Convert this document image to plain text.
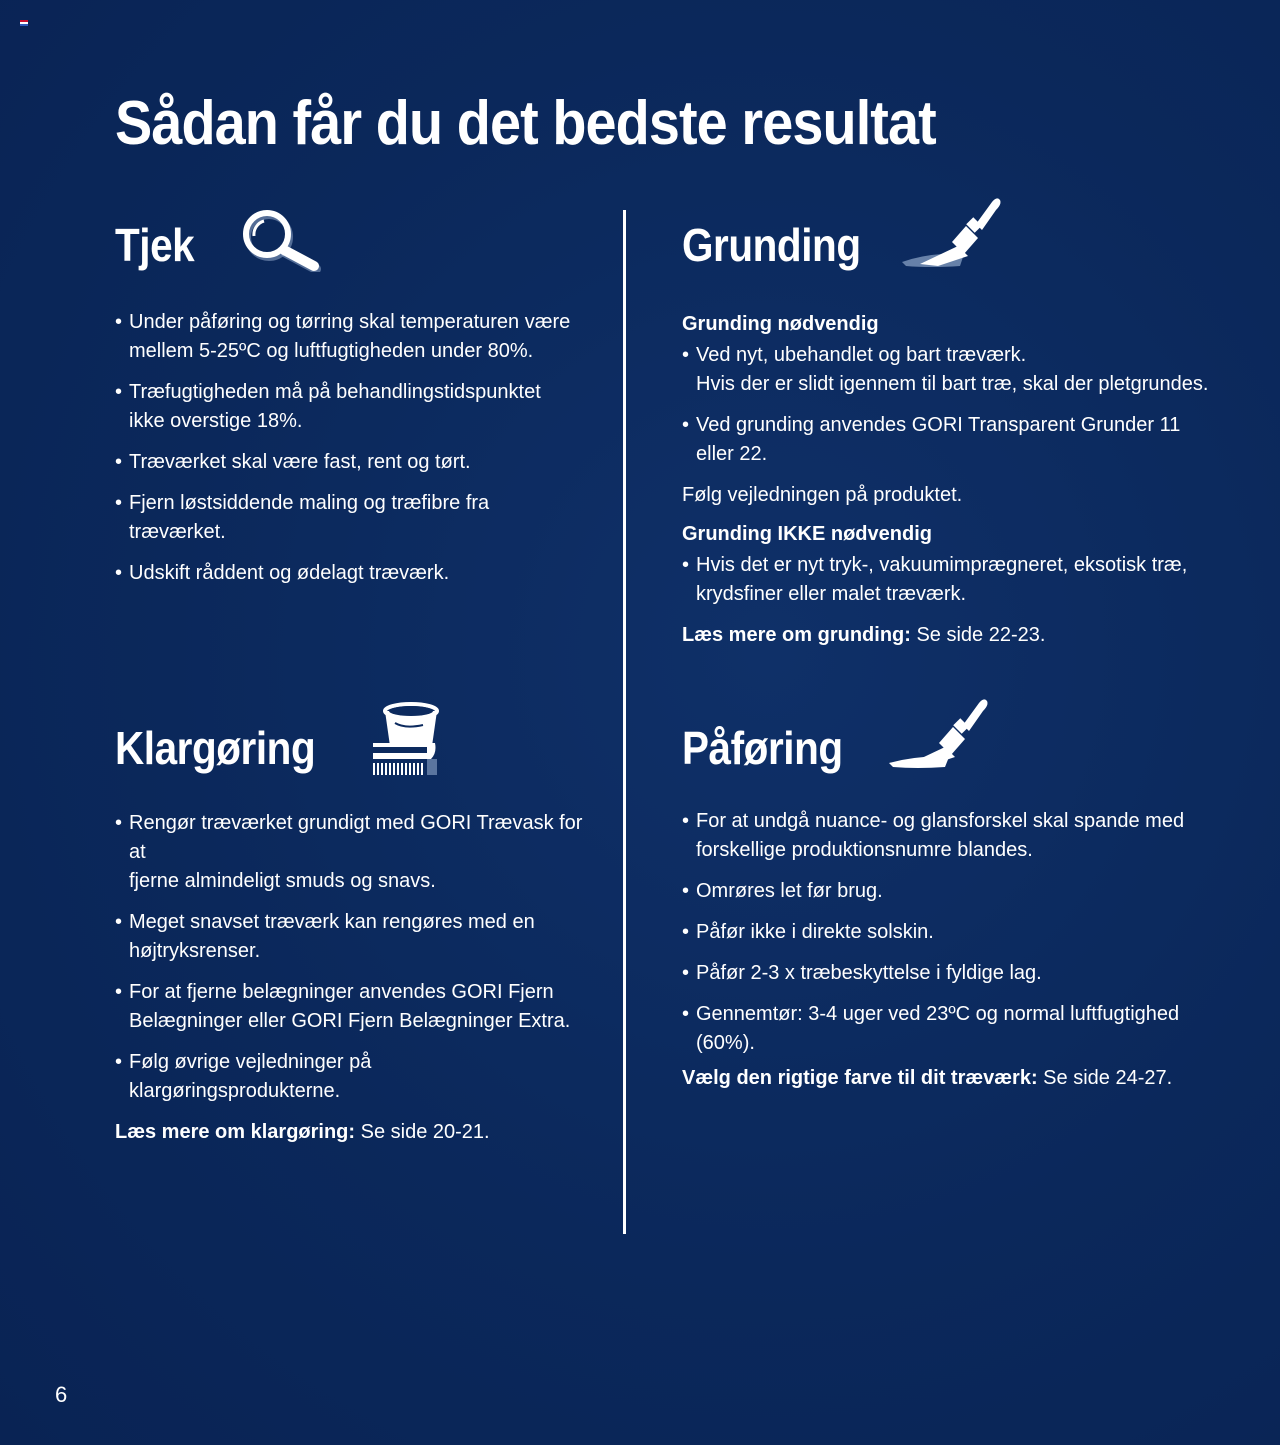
Sådan får du det bedste resultat
Tjek
• Under påføring og tørring skal temperaturen være
mellem 5-25ºC og luftfugtigheden under 80%.
• Træfugtigheden må på behandlingstidspunktet
ikke overstige 18%.
• Træværket skal være fast, rent og tørt.
• Fjern løstsiddende maling og træfibre fra træværket.
• Udskift råddent og ødelagt træværk.
Grunding
Grunding nødvendig
• Ved nyt, ubehandlet og bart træværk.
Hvis der er slidt igennem til bart træ, skal der pletgrundes.
• Ved grunding anvendes GORI Transparent Grunder 11 eller 22.
Følg vejledningen på produktet.
Grunding IKKE nødvendig
• Hvis det er nyt tryk-, vakuumimprægneret, eksotisk træ,
krydsfiner eller malet træværk.
Læs mere om grunding: Se side 22-23.
Klargøring
• Rengør træværket grundigt med GORI Trævask for at
fjerne almindeligt smuds og snavs.
• Meget snavset træværk kan rengøres med en
højtryksrenser.
• For at fjerne belægninger anvendes GORI Fjern
Belægninger eller GORI Fjern Belægninger Extra.
• Følg øvrige vejledninger på klargøringsprodukterne.
Læs mere om klargøring: Se side 20-21.
Påføring
• For at undgå nuance- og glansforskel skal spande med
forskellige produktionsnumre blandes.
• Omrøres let før brug.
• Påfør ikke i direkte solskin.
• Påfør 2-3 x træbeskyttelse i fyldige lag.
• Gennemtør: 3-4 uger ved 23ºC og normal luftfugtighed (60%).
Vælg den rigtige farve til dit træværk: Se side 24-27.
6
